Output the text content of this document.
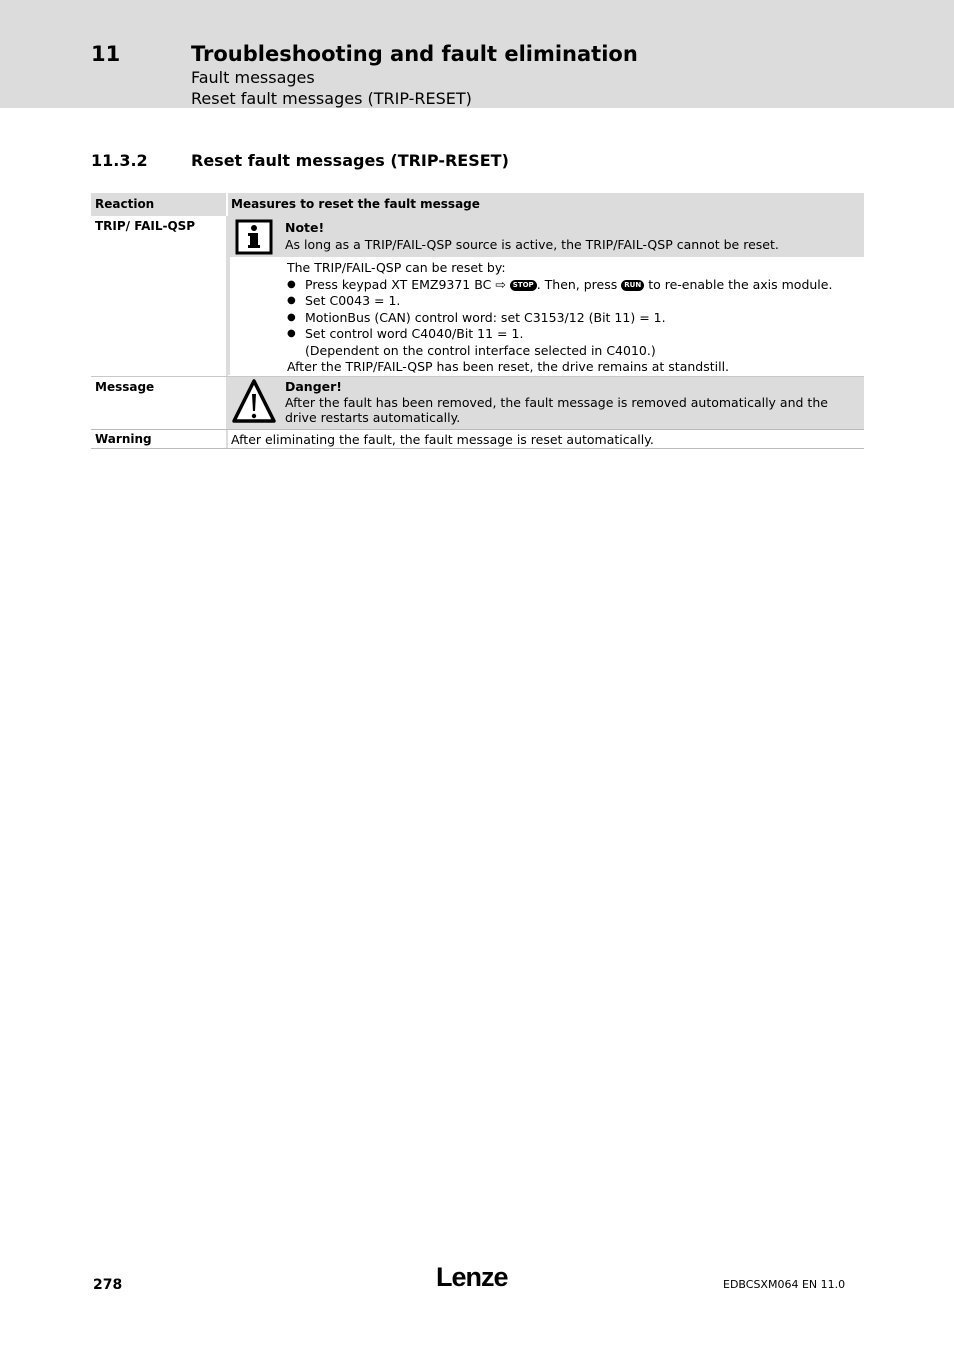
11	Troubleshooting and fault elimination
Fault messages
Reset fault messages (TRIP-RESET)
11.3.2	Reset fault messages (TRIP-RESET)
Reaction	Measures to reset the fault message
TRIP/ FAIL-QSP	Note!
As long as a TRIP/FAIL-QSP source is active, the TRIP/FAIL-QSP cannot be reset.
The TRIP/FAIL-QSP can be reset by:
● Press keypad XT EMZ9371 BC ⇨ STOP . Then, press RUN to re-enable the axis module.
● Set C0043 = 1.
● MotionBus (CAN) control word: set C3153/12 (Bit 11) = 1.
● Set control word C4040/Bit 11 = 1.
(Dependent on the control interface selected in C4010.)
After the TRIP/FAIL-QSP has been reset, the drive remains at standstill.
Message	Danger!
After the fault has been removed, the fault message is removed automatically and the drive restarts automatically.
Warning	After eliminating the fault, the fault message is reset automatically.
278	Lenze	EDBCSXM064 EN 11.0
